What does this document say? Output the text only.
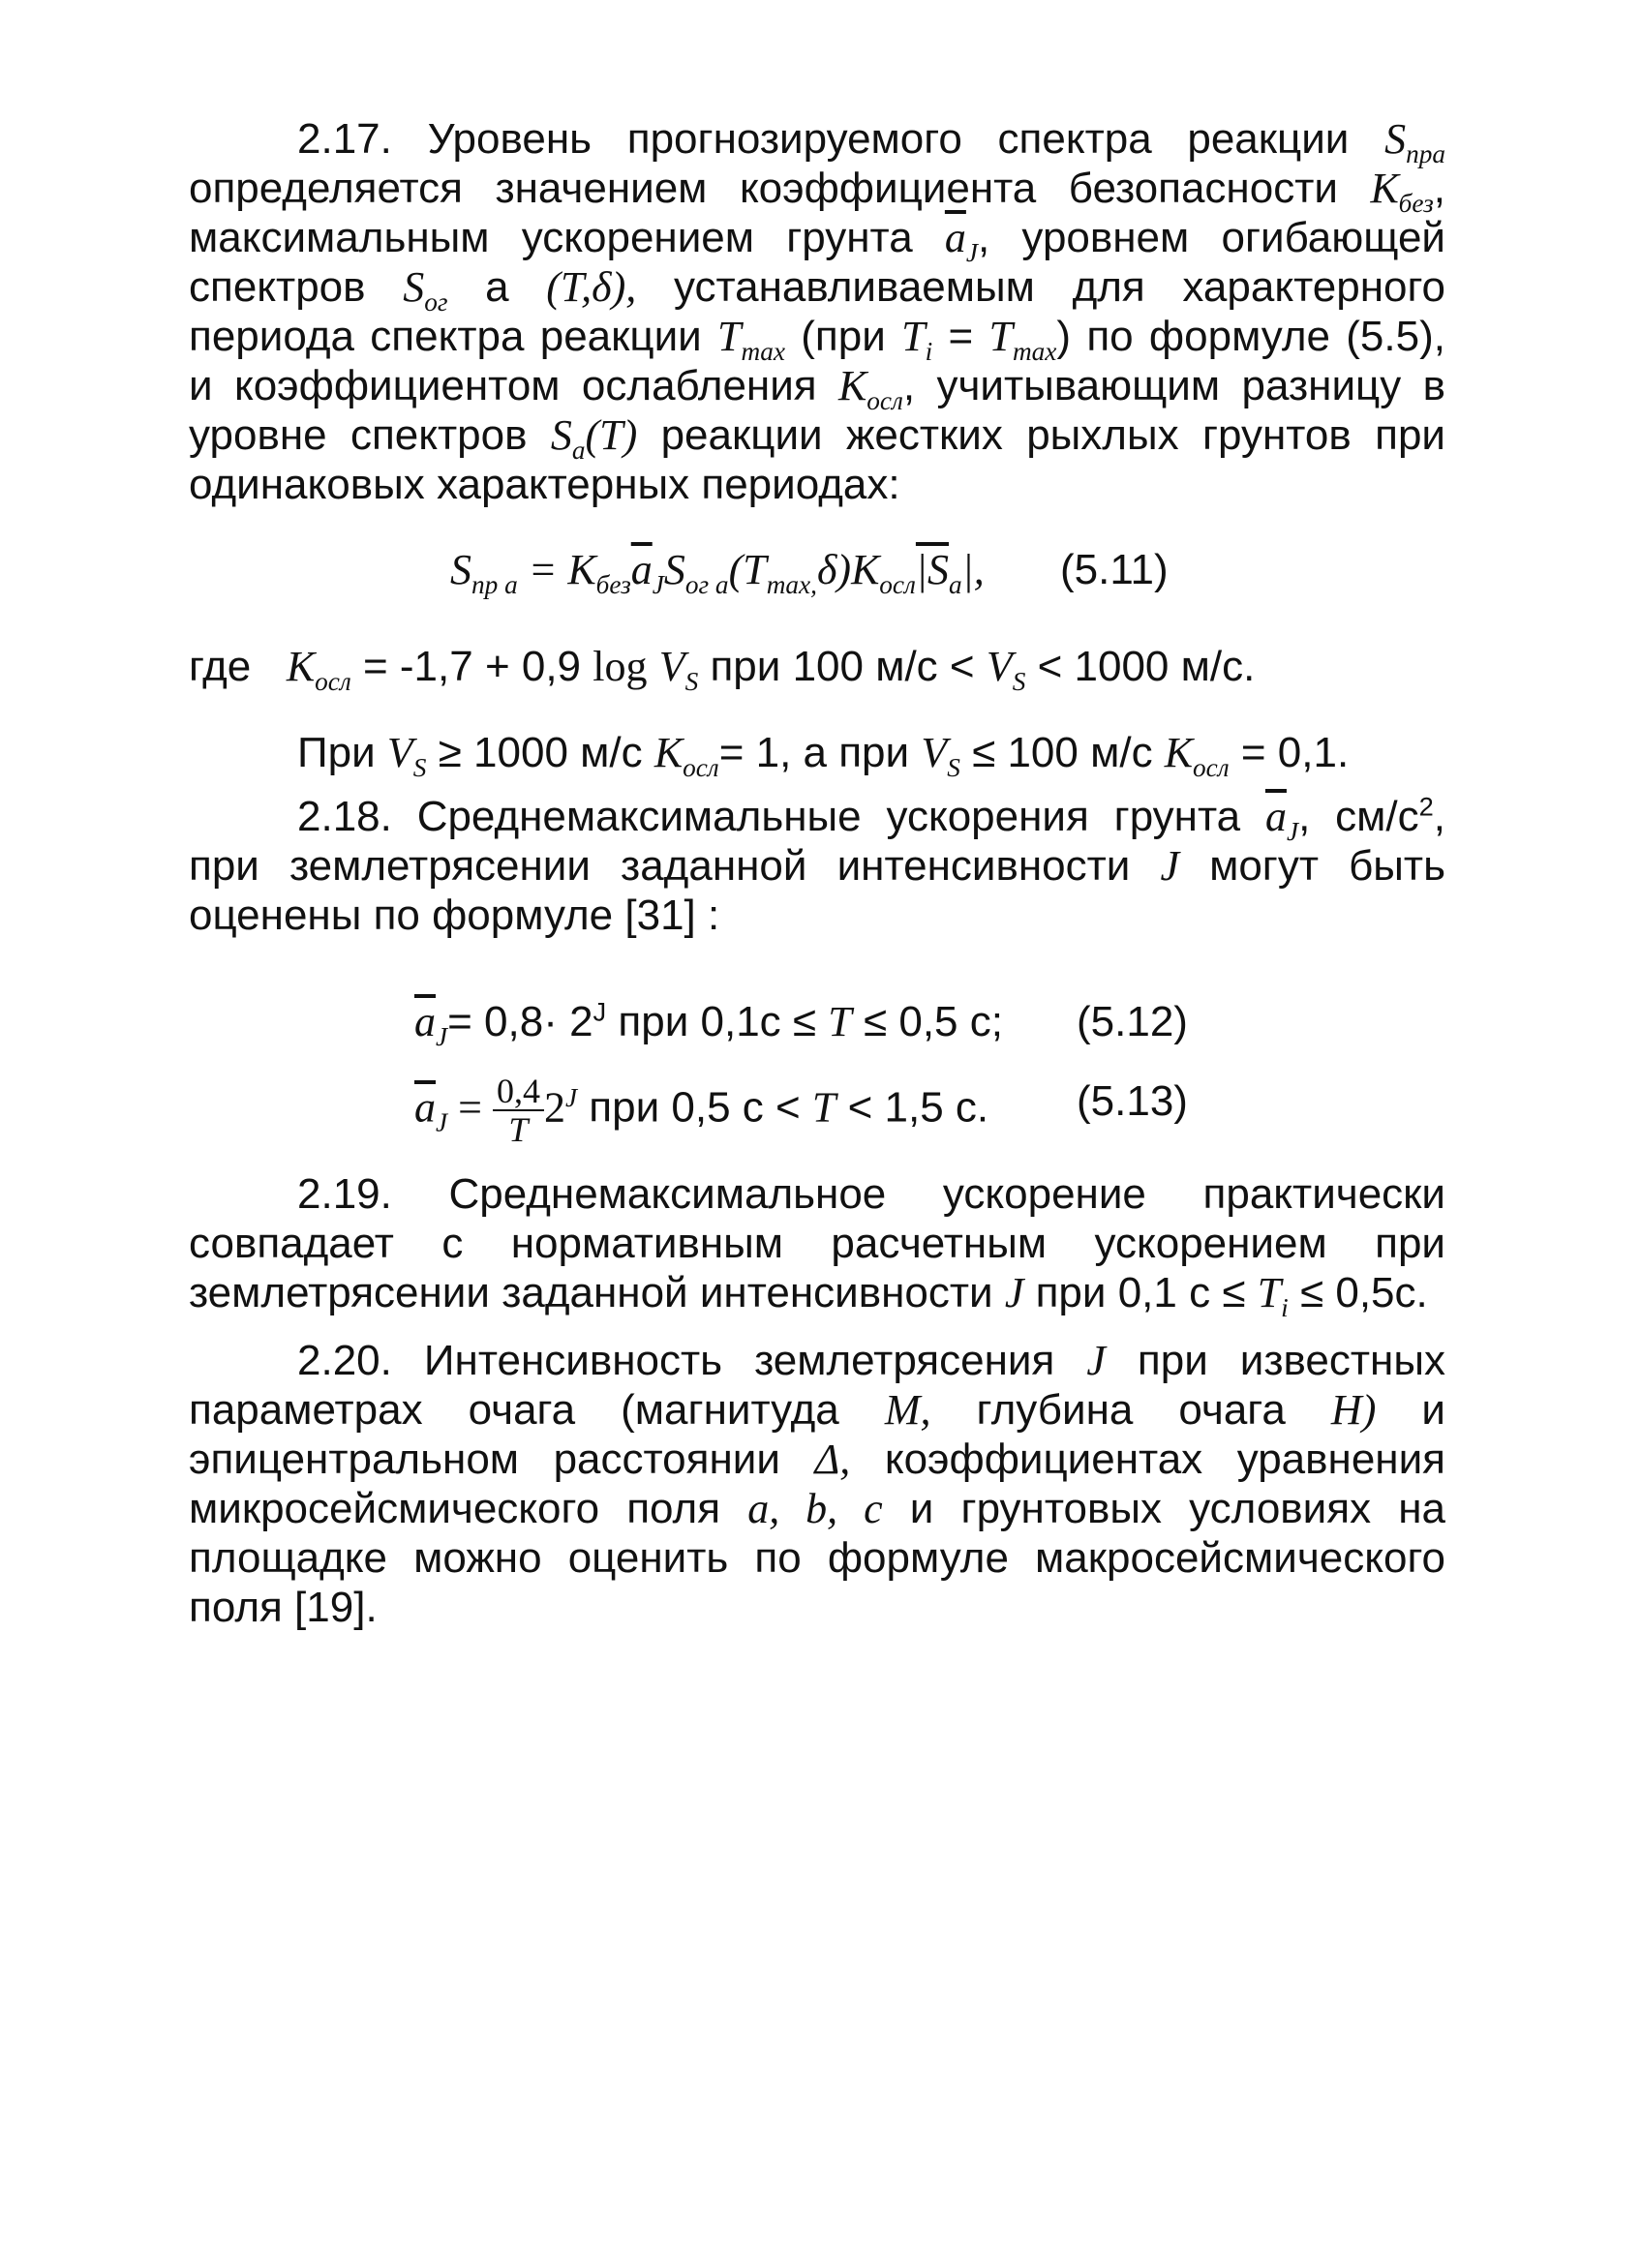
2.17. Уровень прогнозируемого спектра реакции $S_{пра}$
определяется значением коэффициента безопасности $К_{без}$,
максимальным ускорением грунта $\overline{a}_J$, уровнем огибающей
спектров $S_{ог}$ а (T,δ), устанавливаемым для характерного
периода спектра реакции $T_{max}$ (при $T_i = T_{max}$) по формуле (5.5),
и коэффициентом ослабления $К_{осл}$, учитывающим разницу в
уровне спектров $S_a(T)$ реакции жестких рыхлых грунтов при
одинаковых характерных периодах:
$S_{пр а} = К_{без}\overline{a}_JS_{ог а}(T_{max,}\delta)К_{осл}|S_a|$, (5.11)
где $К_{осл} = -1,7 + 0,9$ $\log V_S$ при 100 $м/с < V_S < 1000$ м/с.
При $V_S \ge 1000$ м/с $К_{осл}= 1$, а при $V_S \le 100$ м/с $К_{осл} = 0,1$.
2.18. Среднемаксимальные ускорения грунта $\overline{a}_J$, $см/с^2$,
при землетрясении заданной интенсивности J могут быть
оценены по формуле [31] :
$\overline{a}_J= 0,8\cdot 2^J$ при 0,1с ≤ T ≤ 0,5 с; (5.12)
$\overline{a}_J = \frac{0,4}{T} 2^J$ при 0,5 с < T < 1,5 с. (5.13)
2.19. Среднемаксимальное ускорение практически
совпадает с нормативным расчетным ускорением при
землетрясении заданной интенсивности J при 0,1 $с \le T_i \le 0,5с$.
2.20. Интенсивность землетрясения J при известных
параметрах очага (магнитуда M, глубина очага H) и
эпицентральном расстоянии Δ, коэффициентах уравнения
микросейсмического поля a, b, c и грунтовых условиях на
площадке можно оценить по формуле макросейсмического
поля [19].
